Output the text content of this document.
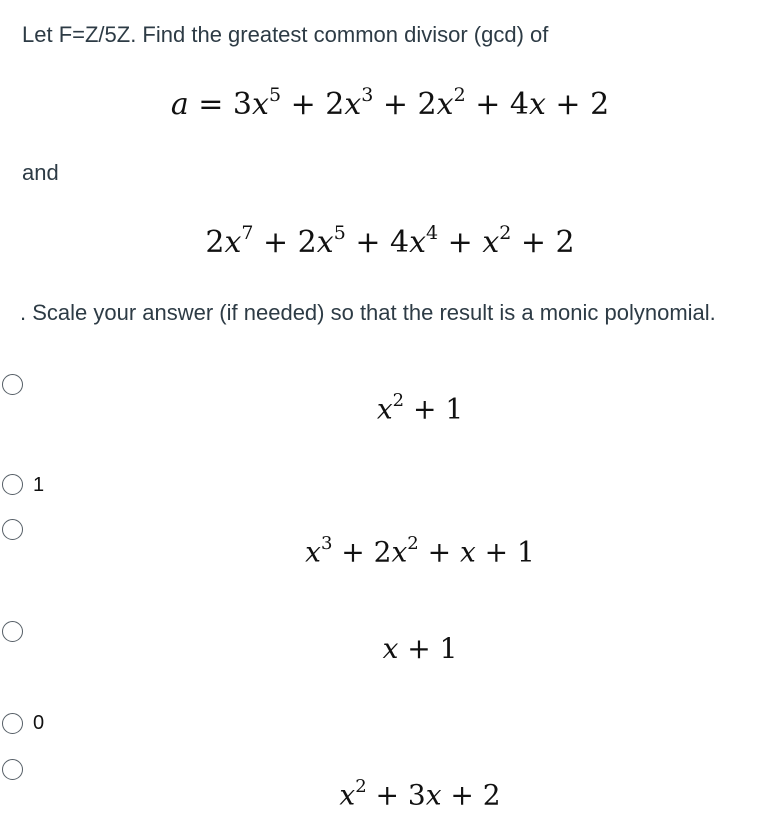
Let F=Z/5Z. Find the greatest common divisor (gcd) of
$a = 3x^5 + 2x^3 + 2x^2 + 4x + 2$
and
$2x^7 + 2x^5 + 4x^4 + x^2 + 2$
. Scale your answer (if needed) so that the result is a monic polynomial.
$x^2 + 1$
1
$x^3 + 2x^2 + x + 1$
x + 1
0
$x^2 + 3x + 2$
